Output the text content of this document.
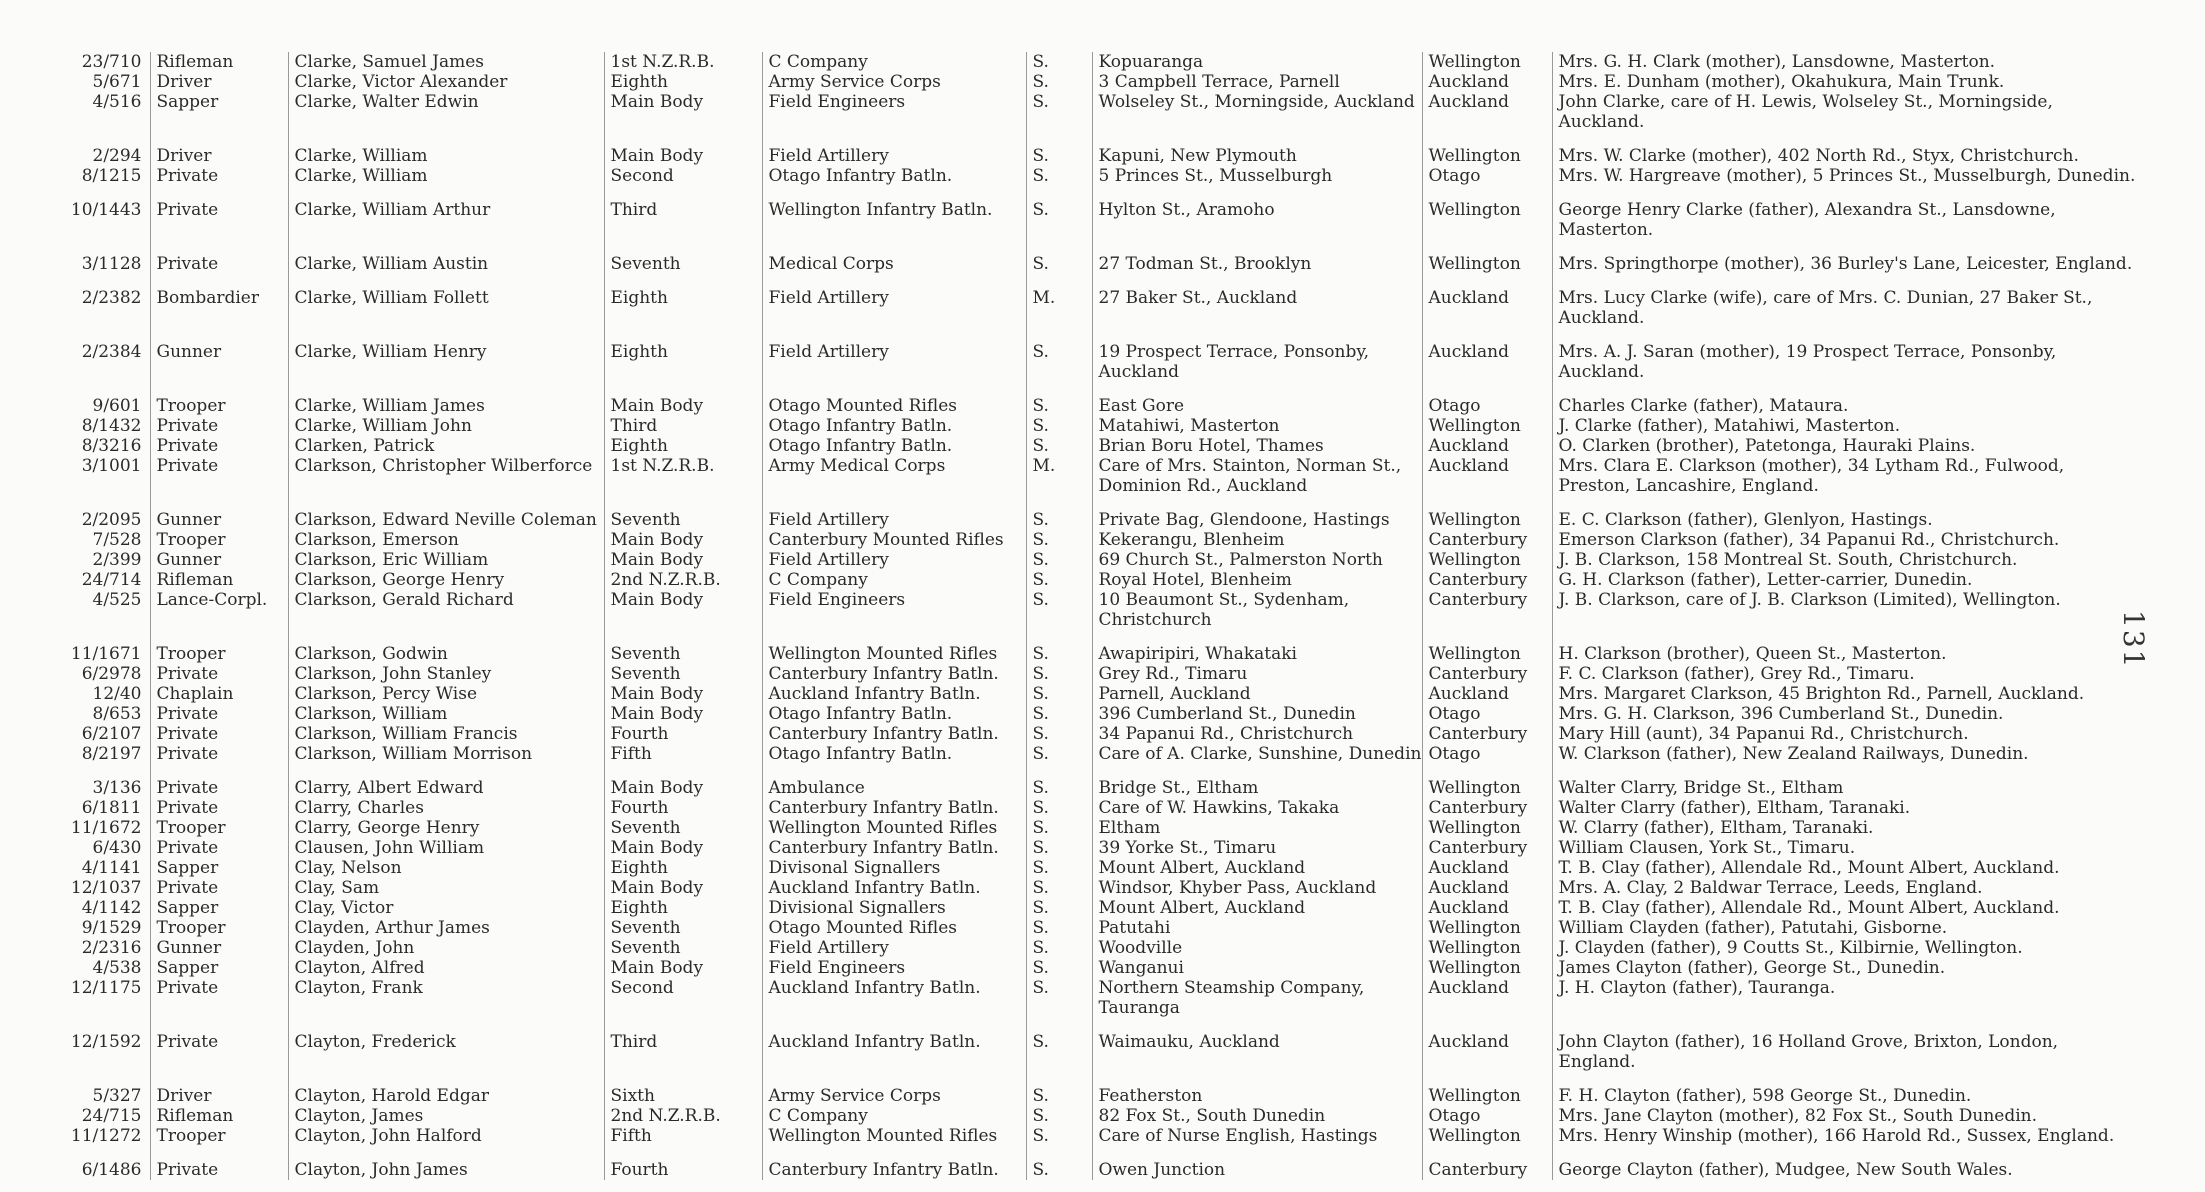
23/710	Rifleman	Clarke, Samuel James	1st N.Z.R.B.	C Company	S.	Kopuaranga	Wellington	Mrs. G. H. Clark (mother), Lansdowne, Masterton.
5/671	Driver	Clarke, Victor Alexander	Eighth	Army Service Corps	S.	3 Campbell Terrace, Parnell	Auckland	Mrs. E. Dunham (mother), Okahukura, Main Trunk.
4/516	Sapper	Clarke, Walter Edwin	Main Body	Field Engineers	S.	Wolseley St., Morningside, Auckland	Auckland	John Clarke, care of H. Lewis, Wolseley St., Morningside, Auckland.
2/294	Driver	Clarke, William	Main Body	Field Artillery	S.	Kapuni, New Plymouth	Wellington	Mrs. W. Clarke (mother), 402 North Rd., Styx, Christchurch.
8/1215	Private	Clarke, William	Second	Otago Infantry Batln.	S.	5 Princes St., Musselburgh	Otago	Mrs. W. Hargreave (mother), 5 Princes St., Musselburgh, Dunedin.
10/1443	Private	Clarke, William Arthur	Third	Wellington Infantry Batln.	S.	Hylton St., Aramoho	Wellington	George Henry Clarke (father), Alexandra St., Lansdowne, Masterton.
3/1128	Private	Clarke, William Austin	Seventh	Medical Corps	S.	27 Todman St., Brooklyn	Wellington	Mrs. Springthorpe (mother), 36 Burley's Lane, Leicester, England.
2/2382	Bombardier	Clarke, William Follett	Eighth	Field Artillery	M.	27 Baker St., Auckland	Auckland	Mrs. Lucy Clarke (wife), care of Mrs. C. Dunian, 27 Baker St., Auckland.
2/2384	Gunner	Clarke, William Henry	Eighth	Field Artillery	S.	19 Prospect Terrace, Ponsonby, Auckland	Auckland	Mrs. A. J. Saran (mother), 19 Prospect Terrace, Ponsonby, Auckland.
9/601	Trooper	Clarke, William James	Main Body	Otago Mounted Rifles	S.	East Gore	Otago	Charles Clarke (father), Mataura.
8/1432	Private	Clarke, William John	Third	Otago Infantry Batln.	S.	Matahiwi, Masterton	Wellington	J. Clarke (father), Matahiwi, Masterton.
8/3216	Private	Clarken, Patrick	Eighth	Otago Infantry Batln.	S.	Brian Boru Hotel, Thames	Auckland	O. Clarken (brother), Patetonga, Hauraki Plains.
3/1001	Private	Clarkson, Christopher Wilberforce	1st N.Z.R.B.	Army Medical Corps	M.	Care of Mrs. Stainton, Norman St., Dominion Rd., Auckland	Auckland	Mrs. Clara E. Clarkson (mother), 34 Lytham Rd., Fulwood, Preston, Lancashire, England.
2/2095	Gunner	Clarkson, Edward Neville Coleman	Seventh	Field Artillery	S.	Private Bag, Glendoone, Hastings	Wellington	E. C. Clarkson (father), Glenlyon, Hastings.
7/528	Trooper	Clarkson, Emerson	Main Body	Canterbury Mounted Rifles	S.	Kekerangu, Blenheim	Canterbury	Emerson Clarkson (father), 34 Papanui Rd., Christchurch.
2/399	Gunner	Clarkson, Eric William	Main Body	Field Artillery	S.	69 Church St., Palmerston North	Wellington	J. B. Clarkson, 158 Montreal St. South, Christchurch.
24/714	Rifleman	Clarkson, George Henry	2nd N.Z.R.B.	C Company	S.	Royal Hotel, Blenheim	Canterbury	G. H. Clarkson (father), Letter-carrier, Dunedin.
4/525	Lance-Corpl.	Clarkson, Gerald Richard	Main Body	Field Engineers	S.	10 Beaumont St., Sydenham, Christchurch	Canterbury	J. B. Clarkson, care of J. B. Clarkson (Limited), Wellington.
11/1671	Trooper	Clarkson, Godwin	Seventh	Wellington Mounted Rifles	S.	Awapiripiri, Whakataki	Wellington	H. Clarkson (brother), Queen St., Masterton.
6/2978	Private	Clarkson, John Stanley	Seventh	Canterbury Infantry Batln.	S.	Grey Rd., Timaru	Canterbury	F. C. Clarkson (father), Grey Rd., Timaru.
12/40	Chaplain	Clarkson, Percy Wise	Main Body	Auckland Infantry Batln.	S.	Parnell, Auckland	Auckland	Mrs. Margaret Clarkson, 45 Brighton Rd., Parnell, Auckland.
8/653	Private	Clarkson, William	Main Body	Otago Infantry Batln.	S.	396 Cumberland St., Dunedin	Otago	Mrs. G. H. Clarkson, 396 Cumberland St., Dunedin.
6/2107	Private	Clarkson, William Francis	Fourth	Canterbury Infantry Batln.	S.	34 Papanui Rd., Christchurch	Canterbury	Mary Hill (aunt), 34 Papanui Rd., Christchurch.
8/2197	Private	Clarkson, William Morrison	Fifth	Otago Infantry Batln.	S.	Care of A. Clarke, Sunshine, Dunedin	Otago	W. Clarkson (father), New Zealand Railways, Dunedin.
3/136	Private	Clarry, Albert Edward	Main Body	Ambulance	S.	Bridge St., Eltham	Wellington	Walter Clarry, Bridge St., Eltham
6/1811	Private	Clarry, Charles	Fourth	Canterbury Infantry Batln.	S.	Care of W. Hawkins, Takaka	Canterbury	Walter Clarry (father), Eltham, Taranaki.
11/1672	Trooper	Clarry, George Henry	Seventh	Wellington Mounted Rifles	S.	Eltham	Wellington	W. Clarry (father), Eltham, Taranaki.
6/430	Private	Clausen, John William	Main Body	Canterbury Infantry Batln.	S.	39 Yorke St., Timaru	Canterbury	William Clausen, York St., Timaru.
4/1141	Sapper	Clay, Nelson	Eighth	Divisonal Signallers	S.	Mount Albert, Auckland	Auckland	T. B. Clay (father), Allendale Rd., Mount Albert, Auckland.
12/1037	Private	Clay, Sam	Main Body	Auckland Infantry Batln.	S.	Windsor, Khyber Pass, Auckland	Auckland	Mrs. A. Clay, 2 Baldwar Terrace, Leeds, England.
4/1142	Sapper	Clay, Victor	Eighth	Divisional Signallers	S.	Mount Albert, Auckland	Auckland	T. B. Clay (father), Allendale Rd., Mount Albert, Auckland.
9/1529	Trooper	Clayden, Arthur James	Seventh	Otago Mounted Rifles	S.	Patutahi	Wellington	William Clayden (father), Patutahi, Gisborne.
2/2316	Gunner	Clayden, John	Seventh	Field Artillery	S.	Woodville	Wellington	J. Clayden (father), 9 Coutts St., Kilbirnie, Wellington.
4/538	Sapper	Clayton, Alfred	Main Body	Field Engineers	S.	Wanganui	Wellington	James Clayton (father), George St., Dunedin.
12/1175	Private	Clayton, Frank	Second	Auckland Infantry Batln.	S.	Northern Steamship Company, Tauranga	Auckland	J. H. Clayton (father), Tauranga.
12/1592	Private	Clayton, Frederick	Third	Auckland Infantry Batln.	S.	Waimauku, Auckland	Auckland	John Clayton (father), 16 Holland Grove, Brixton, London, England.
5/327	Driver	Clayton, Harold Edgar	Sixth	Army Service Corps	S.	Featherston	Wellington	F. H. Clayton (father), 598 George St., Dunedin.
24/715	Rifleman	Clayton, James	2nd N.Z.R.B.	C Company	S.	82 Fox St., South Dunedin	Otago	Mrs. Jane Clayton (mother), 82 Fox St., South Dunedin.
11/1272	Trooper	Clayton, John Halford	Fifth	Wellington Mounted Rifles	S.	Care of Nurse English, Hastings	Wellington	Mrs. Henry Winship (mother), 166 Harold Rd., Sussex, England.
6/1486	Private	Clayton, John James	Fourth	Canterbury Infantry Batln.	S.	Owen Junction	Canterbury	George Clayton (father), Mudgee, New South Wales.
131
